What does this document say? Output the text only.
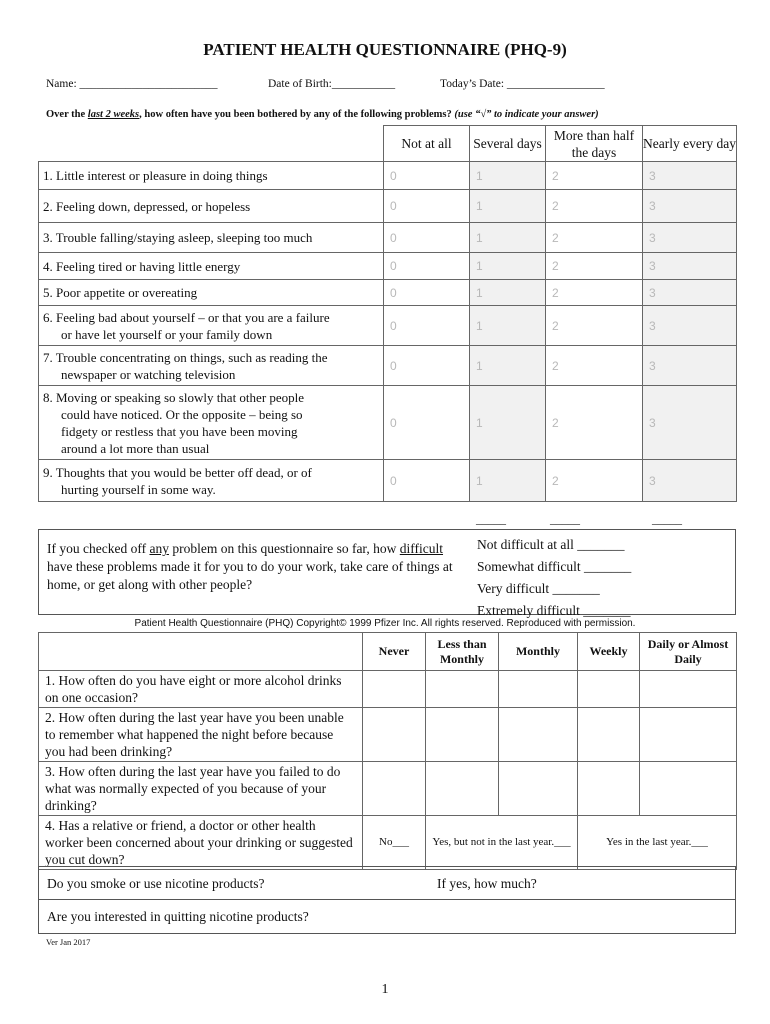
PATIENT HEALTH QUESTIONNAIRE (PHQ-9)
Name: ________________________	Date of Birth:___________	Today’s Date: _________________
Over the last 2 weeks, how often have you been bothered by any of the following problems? (use “√” to indicate your answer)
	Not at all	Several days	More than half the days	Nearly every day
1. Little interest or pleasure in doing things	0	1	2	3
2. Feeling down, depressed, or hopeless	0	1	2	3
3. Trouble falling/staying asleep, sleeping too much	0	1	2	3
4. Feeling tired or having little energy	0	1	2	3
5. Poor appetite or overeating	0	1	2	3
6. Feeling bad about yourself – or that you are a failure
or have let yourself or your family down	0	1	2	3
7. Trouble concentrating on things, such as reading the
newspaper or watching television	0	1	2	3
8. Moving or speaking so slowly that other people
could have noticed. Or the opposite – being so
fidgety or restless that you have been moving
around a lot more than usual	0	1	2	3
9. Thoughts that you would be better off dead, or of
hurting yourself in some way.	0	1	2	3
_____	_____	_____
If you checked off any problem on this questionnaire so far, how difficult have these problems made it for you to do your work, take care of things at home, or get along with other people?
Not difficult at all _______
Somewhat difficult _______
Very difficult _______
Extremely difficult _______
Patient Health Questionnaire (PHQ) Copyright© 1999 Pfizer Inc. All rights reserved. Reproduced with permission.
	Never	Less than Monthly	Monthly	Weekly	Daily or Almost Daily
1. How often do you have eight or more alcohol drinks on one occasion?					
2. How often during the last year have you been unable to remember what happened the night before because you had been drinking?					
3. How often during the last year have you failed to do what was normally expected of you because of your drinking?					
4. Has a relative or friend, a doctor or other health worker been concerned about your drinking or suggested you cut down?	No___	Yes, but not in the last year.___		Yes in the last year.___	
Do you smoke or use nicotine products?	If yes, how much?
Are you interested in quitting nicotine products?
Ver Jan 2017
1
